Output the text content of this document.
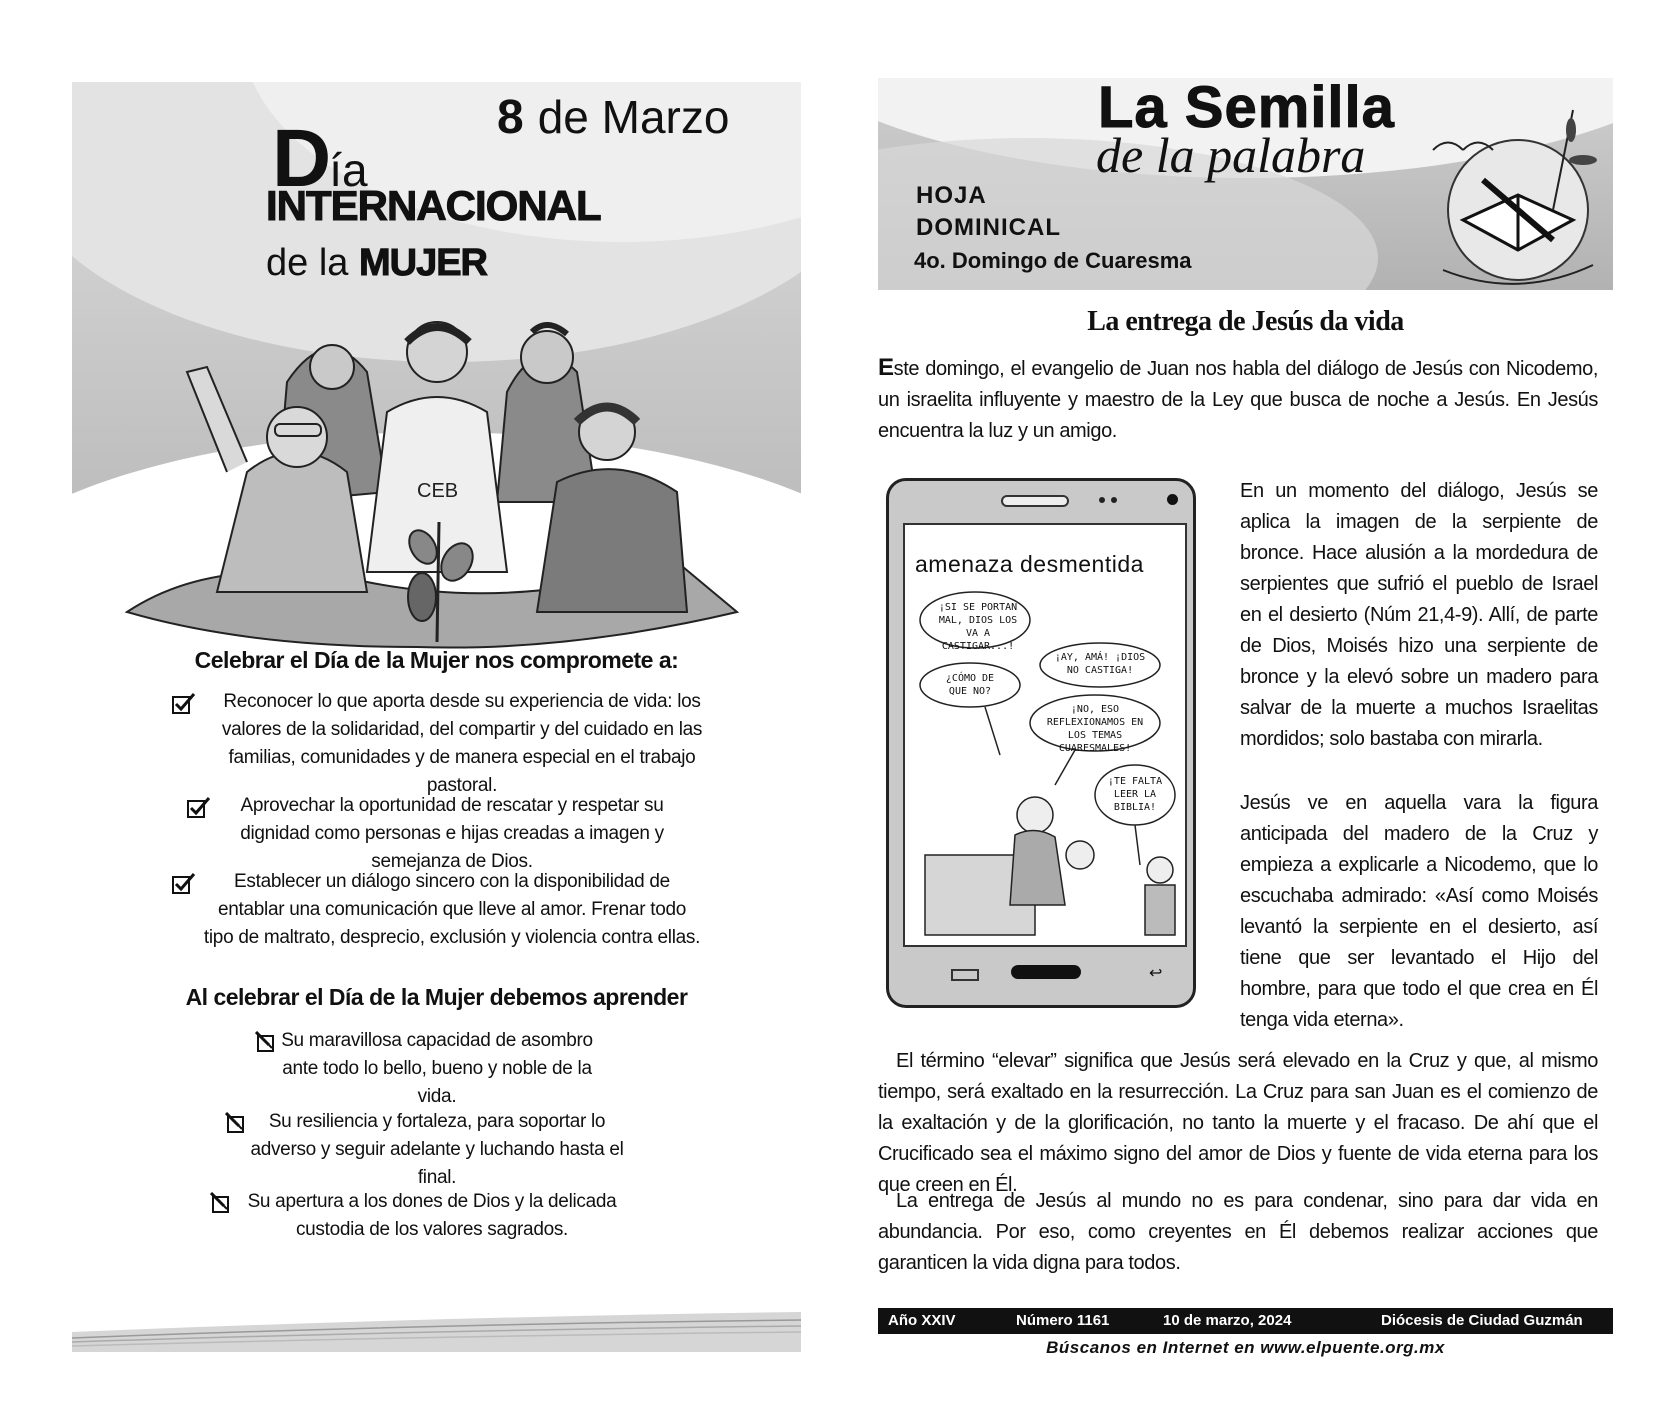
8 de Marzo
Día
INTERNACIONAL
de la MUJER
CEB
Celebrar el Día de la Mujer nos compromete a:
Reconocer lo que aporta desde su experiencia de vida: los valores de la solidaridad, del compartir y del cuidado en las familias, comunidades y de manera especial en el trabajo pastoral.
Aprovechar la oportunidad de rescatar y respetar su dignidad como personas e hijas creadas a imagen y semejanza de Dios.
Establecer un diálogo sincero con la disponibilidad de entablar una comunicación que lleve al amor. Frenar todo tipo de maltrato, desprecio, exclusión y violencia contra ellas.
Al celebrar el Día de la Mujer debemos aprender
Su maravillosa capacidad de asombro ante todo lo bello, bueno y noble de la vida.
Su resiliencia y fortaleza, para soportar lo adverso y seguir adelante y luchando hasta el final.
Su apertura a los dones de Dios y la delicada custodia de los valores sagrados.
La Semilla
de la palabra
HOJA
DOMINICAL
4o. Domingo de Cuaresma
La entrega de Jesús da vida
Este domingo, el evangelio de Juan nos habla del diálogo de Jesús con Nicodemo, un israelita influyente y maestro de la Ley que busca de noche a Jesús. En Jesús encuentra la luz y un amigo.
amenaza desmentida
¡SI SE PORTAN MAL, DIOS LOS VA A CASTIGAR...!
¡AY, AMÁ! ¡DIOS NO CASTIGA!
¿CÓMO DE QUE NO?
¡NO, ESO REFLEXIONAMOS EN LOS TEMAS CUARESMALES!
¡TE FALTA LEER LA BIBLIA!
↩
En un momento del diálogo, Jesús se aplica la imagen de la serpiente de bronce. Hace alusión a la mordedura de serpientes que sufrió el pueblo de Israel en el desierto (Núm 21,4-9). Allí, de parte de Dios, Moisés hizo una serpiente de bronce y la elevó sobre un madero para salvar de la muerte a muchos Israelitas mordidos; solo bastaba con mirarla.
Jesús ve en aquella vara la figura anticipada del madero de la Cruz y empieza a explicarle a Nicodemo, que lo escuchaba admirado: «Así como Moisés levantó la serpiente en el desierto, así tiene que ser levantado el Hijo del hombre, para que todo el que crea en Él tenga vida eterna».
El término “elevar” significa que Jesús será elevado en la Cruz y que, al mismo tiempo, será exaltado en la resurrección. La Cruz para san Juan es el comienzo de la exaltación y de la glorificación, no tanto la muerte y el fracaso. De ahí que el Crucificado sea el máximo signo del amor de Dios y fuente de vida eterna para los que creen en Él.
La entrega de Jesús al mundo no es para condenar, sino para dar vida en abundancia. Por eso, como creyentes en Él debemos realizar acciones que garanticen la vida digna para todos.
Año XXIV	Número 1161	10 de marzo, 2024	Diócesis de Ciudad Guzmán
Búscanos en Internet en www.elpuente.org.mx
